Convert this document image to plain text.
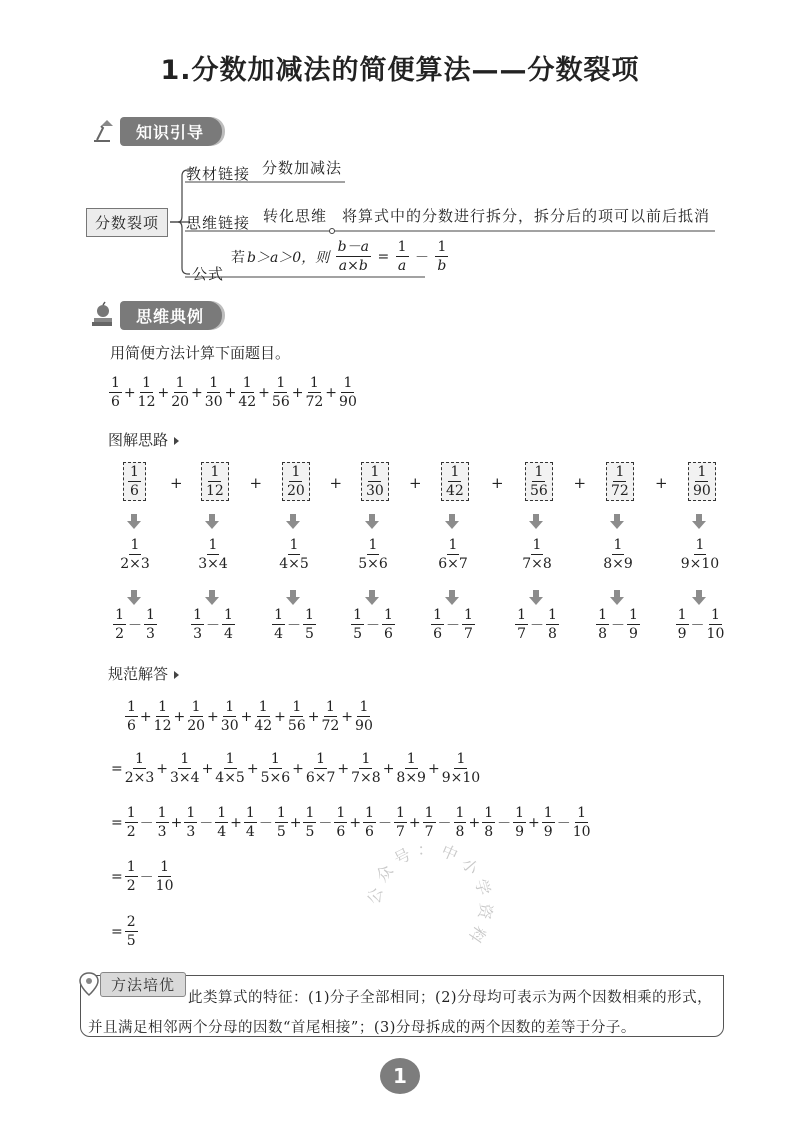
1.分数加减法的简便算法——分数裂项
知识引导
分数裂项
教材链接 分数加减法
思维链接 转化思维 将算式中的分数进行拆分，拆分后的项可以前后抵消
公式
若 b＞a＞0，则 $\frac{b-a}{a\times b} = \frac{1}{a} - \frac{1}{b}$
思维典例
用简便方法计算下面题目。
$\frac{1}{6} + \frac{1}{12} + \frac{1}{20} + \frac{1}{30} + \frac{1}{42} + \frac{1}{56} + \frac{1}{72} + \frac{1}{90}$
图解思路
1
6 +
$\frac{1}{2\times 3}$
$\frac{1}{2} - \frac{1}{3}$
1
12 +
$\frac{1}{3\times 4}$
$\frac{1}{3} - \frac{1}{4}$
1
20 +
$\frac{1}{4\times 5}$
$\frac{1}{4} - \frac{1}{5}$
1
30 +
$\frac{1}{5\times 6}$
$\frac{1}{5} - \frac{1}{6}$
1
42 +
$\frac{1}{6\times 7}$
$\frac{1}{6} - \frac{1}{7}$
1
56 +
$\frac{1}{7\times 8}$
$\frac{1}{7} - \frac{1}{8}$
1
72 +
$\frac{1}{8\times 9}$
$\frac{1}{8} - \frac{1}{9}$
1
90
$\frac{1}{9\times 10}$
$\frac{1}{9} - \frac{1}{10}$
规范解答
$\frac{1}{6} + \frac{1}{12} + \frac{1}{20} + \frac{1}{30} + \frac{1}{42} + \frac{1}{56} + \frac{1}{72} + \frac{1}{90}$
= $\frac{1}{2\times 3} + \frac{1}{3\times 4} + \frac{1}{4\times 5} + \frac{1}{5\times 6} + \frac{1}{6\times 7} + \frac{1}{7\times 8} + \frac{1}{8\times 9} + \frac{1}{9\times 10}$
= $\frac{1}{2} - \frac{1}{3} + \frac{1}{3} - \frac{1}{4} + \frac{1}{4} - \frac{1}{5} + \frac{1}{5} - \frac{1}{6} + \frac{1}{6} - \frac{1}{7} + \frac{1}{7} - \frac{1}{8} + \frac{1}{8} - \frac{1}{9} + \frac{1}{9} - \frac{1}{10}$
= $\frac{1}{2} - \frac{1}{10}$
= $\frac{2}{5}$
公众号：中小学资料
方法培优
此类算式的特征：(1)分子全部相同；(2)分母均可表示为两个因数相乘的形式，并且满足相邻两个分母的因数“首尾相接”；(3)分母拆成的两个因数的差等于分子。
1
